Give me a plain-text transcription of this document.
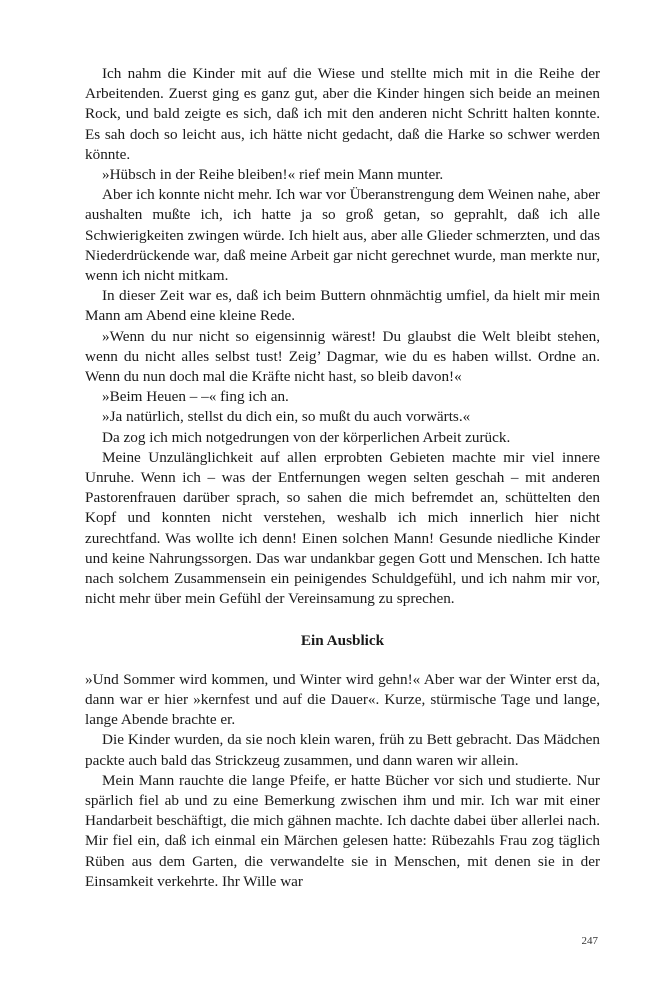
Ich nahm die Kinder mit auf die Wiese und stellte mich mit in die Reihe der Arbeitenden. Zuerst ging es ganz gut, aber die Kinder hingen sich beide an meinen Rock, und bald zeigte es sich, daß ich mit den anderen nicht Schritt halten konnte. Es sah doch so leicht aus, ich hätte nicht gedacht, daß die Harke so schwer werden könnte.

»Hübsch in der Reihe bleiben!« rief mein Mann munter.

Aber ich konnte nicht mehr. Ich war vor Überanstrengung dem Weinen nahe, aber aushalten mußte ich, ich hatte ja so groß getan, so geprahlt, daß ich alle Schwierigkeiten zwingen würde. Ich hielt aus, aber alle Glieder schmerzten, und das Niederdrückende war, daß meine Arbeit gar nicht gerechnet wurde, man merkte nur, wenn ich nicht mitkam.

In dieser Zeit war es, daß ich beim Buttern ohnmächtig umfiel, da hielt mir mein Mann am Abend eine kleine Rede.

»Wenn du nur nicht so eigensinnig wärest! Du glaubst die Welt bleibt stehen, wenn du nicht alles selbst tust! Zeig’ Dagmar, wie du es haben willst. Ordne an. Wenn du nun doch mal die Kräfte nicht hast, so bleib davon!«

»Beim Heuen – –« fing ich an.

»Ja natürlich, stellst du dich ein, so mußt du auch vorwärts.«

Da zog ich mich notgedrungen von der körperlichen Arbeit zurück.

Meine Unzulänglichkeit auf allen erprobten Gebieten machte mir viel innere Unruhe. Wenn ich – was der Entfernungen wegen selten geschah – mit anderen Pastorenfrauen darüber sprach, so sahen die mich befremdet an, schüttelten den Kopf und konnten nicht verstehen, weshalb ich mich innerlich hier nicht zurechtfand. Was wollte ich denn! Einen solchen Mann! Gesunde niedliche Kinder und keine Nahrungssorgen. Das war undankbar gegen Gott und Menschen. Ich hatte nach solchem Zusammensein ein peinigendes Schuldgefühl, und ich nahm mir vor, nicht mehr über mein Gefühl der Vereinsamung zu sprechen.

Ein Ausblick

»Und Sommer wird kommen, und Winter wird gehn!« Aber war der Winter erst da, dann war er hier »kernfest und auf die Dauer«. Kurze, stürmische Tage und lange, lange Abende brachte er.

Die Kinder wurden, da sie noch klein waren, früh zu Bett gebracht. Das Mädchen packte auch bald das Strickzeug zusammen, und dann waren wir allein.

Mein Mann rauchte die lange Pfeife, er hatte Bücher vor sich und studierte. Nur spärlich fiel ab und zu eine Bemerkung zwischen ihm und mir. Ich war mit einer Handarbeit beschäftigt, die mich gähnen machte. Ich dachte dabei über allerlei nach. Mir fiel ein, daß ich einmal ein Märchen gelesen hatte: Rübezahls Frau zog täglich Rüben aus dem Garten, die verwandelte sie in Menschen, mit denen sie in der Einsamkeit verkehrte. Ihr Wille war

247
